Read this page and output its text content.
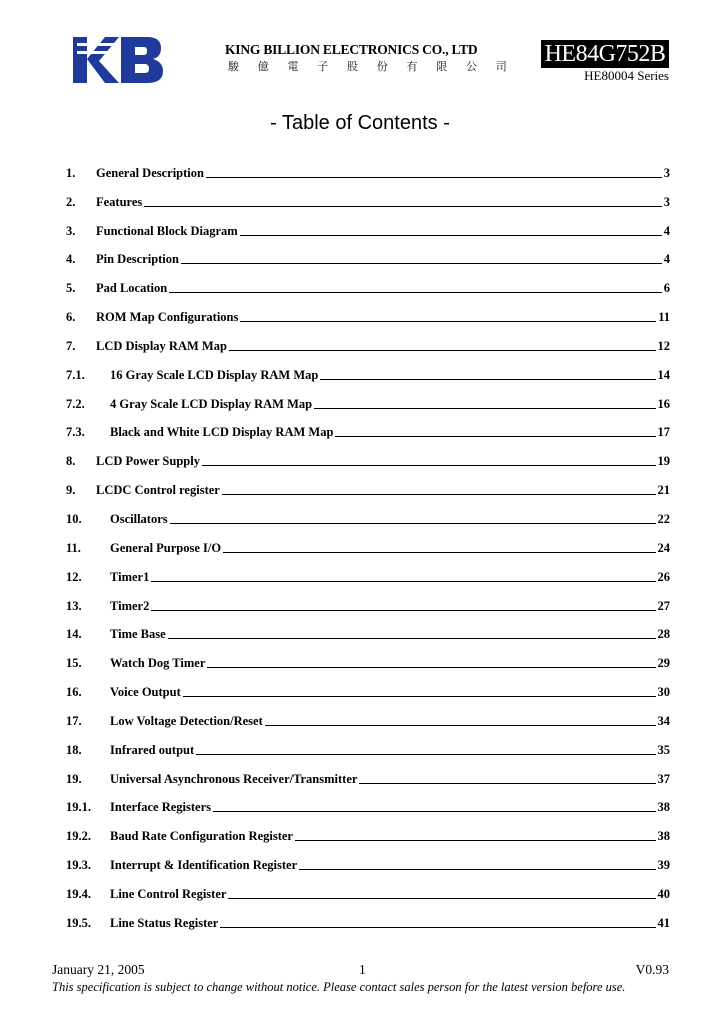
KB
KING BILLION ELECTRONICS CO., LTD
駿 億 電 子 股 份 有 限 公 司 HE84G752B
HE80004 Series
- Table of Contents -
1.	General Description	3
2.	Features	3
3.	Functional Block Diagram	4
4.	Pin Description	4
5.	Pad Location	6
6.	ROM Map Configurations	11
7.	LCD Display RAM Map	12
7.1.	16 Gray Scale LCD Display RAM Map	14
7.2.	4 Gray Scale LCD Display RAM Map	16
7.3.	Black and White LCD Display RAM Map	17
8.	LCD Power Supply	19
9.	LCDC Control register	21
10.	Oscillators	22
11.	General Purpose I/O	24
12.	Timer1	26
13.	Timer2	27
14.	Time Base	28
15.	Watch Dog Timer	29
16.	Voice Output	30
17.	Low Voltage Detection/Reset	34
18.	Infrared output	35
19.	Universal Asynchronous Receiver/Transmitter	37
19.1.	Interface Registers	38
19.2.	Baud Rate Configuration Register	38
19.3.	Interrupt & Identification Register	39
19.4.	Line Control Register	40
19.5.	Line Status Register	41
January 21, 2005	1	V0.93
This specification is subject to change without notice. Please contact sales person for the latest version before use.
